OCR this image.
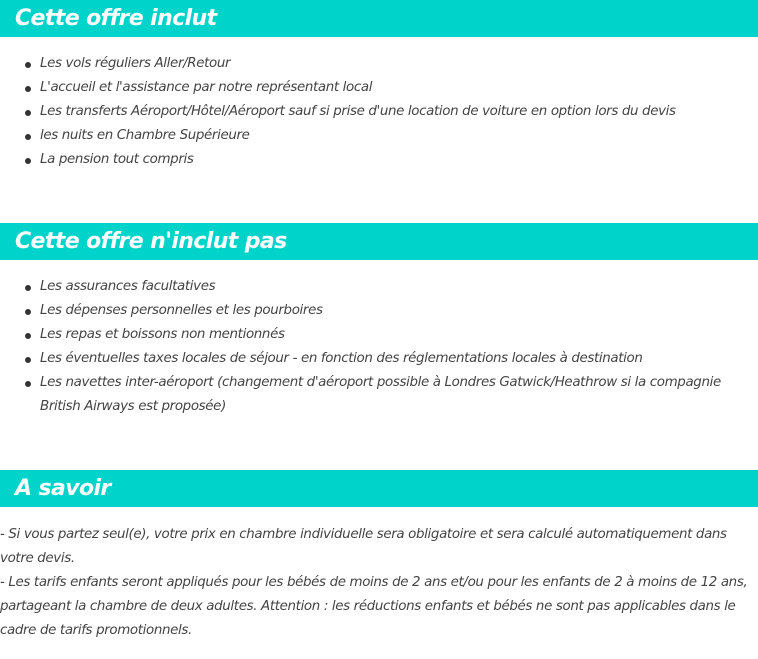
Cette offre inclut
Les vols réguliers Aller/Retour
L'accueil et l'assistance par notre représentant local
Les transferts Aéroport/Hôtel/Aéroport sauf si prise d'une location de voiture en option lors du devis
les nuits en Chambre Supérieure
La pension tout compris
Cette offre n'inclut pas
Les assurances facultatives
Les dépenses personnelles et les pourboires
Les repas et boissons non mentionnés
Les éventuelles taxes locales de séjour - en fonction des réglementations locales à destination
Les navettes inter-aéroport (changement d'aéroport possible à Londres Gatwick/Heathrow si la compagnie British Airways est proposée)
A savoir

- Si vous partez seul(e), votre prix en chambre individuelle sera obligatoire et sera calculé automatiquement dans votre devis.

- Les tarifs enfants seront appliqués pour les bébés de moins de 2 ans et/ou pour les enfants de 2 à moins de 12 ans, partageant la chambre de deux adultes. Attention : les réductions enfants et bébés ne sont pas applicables dans le cadre de tarifs promotionnels.
